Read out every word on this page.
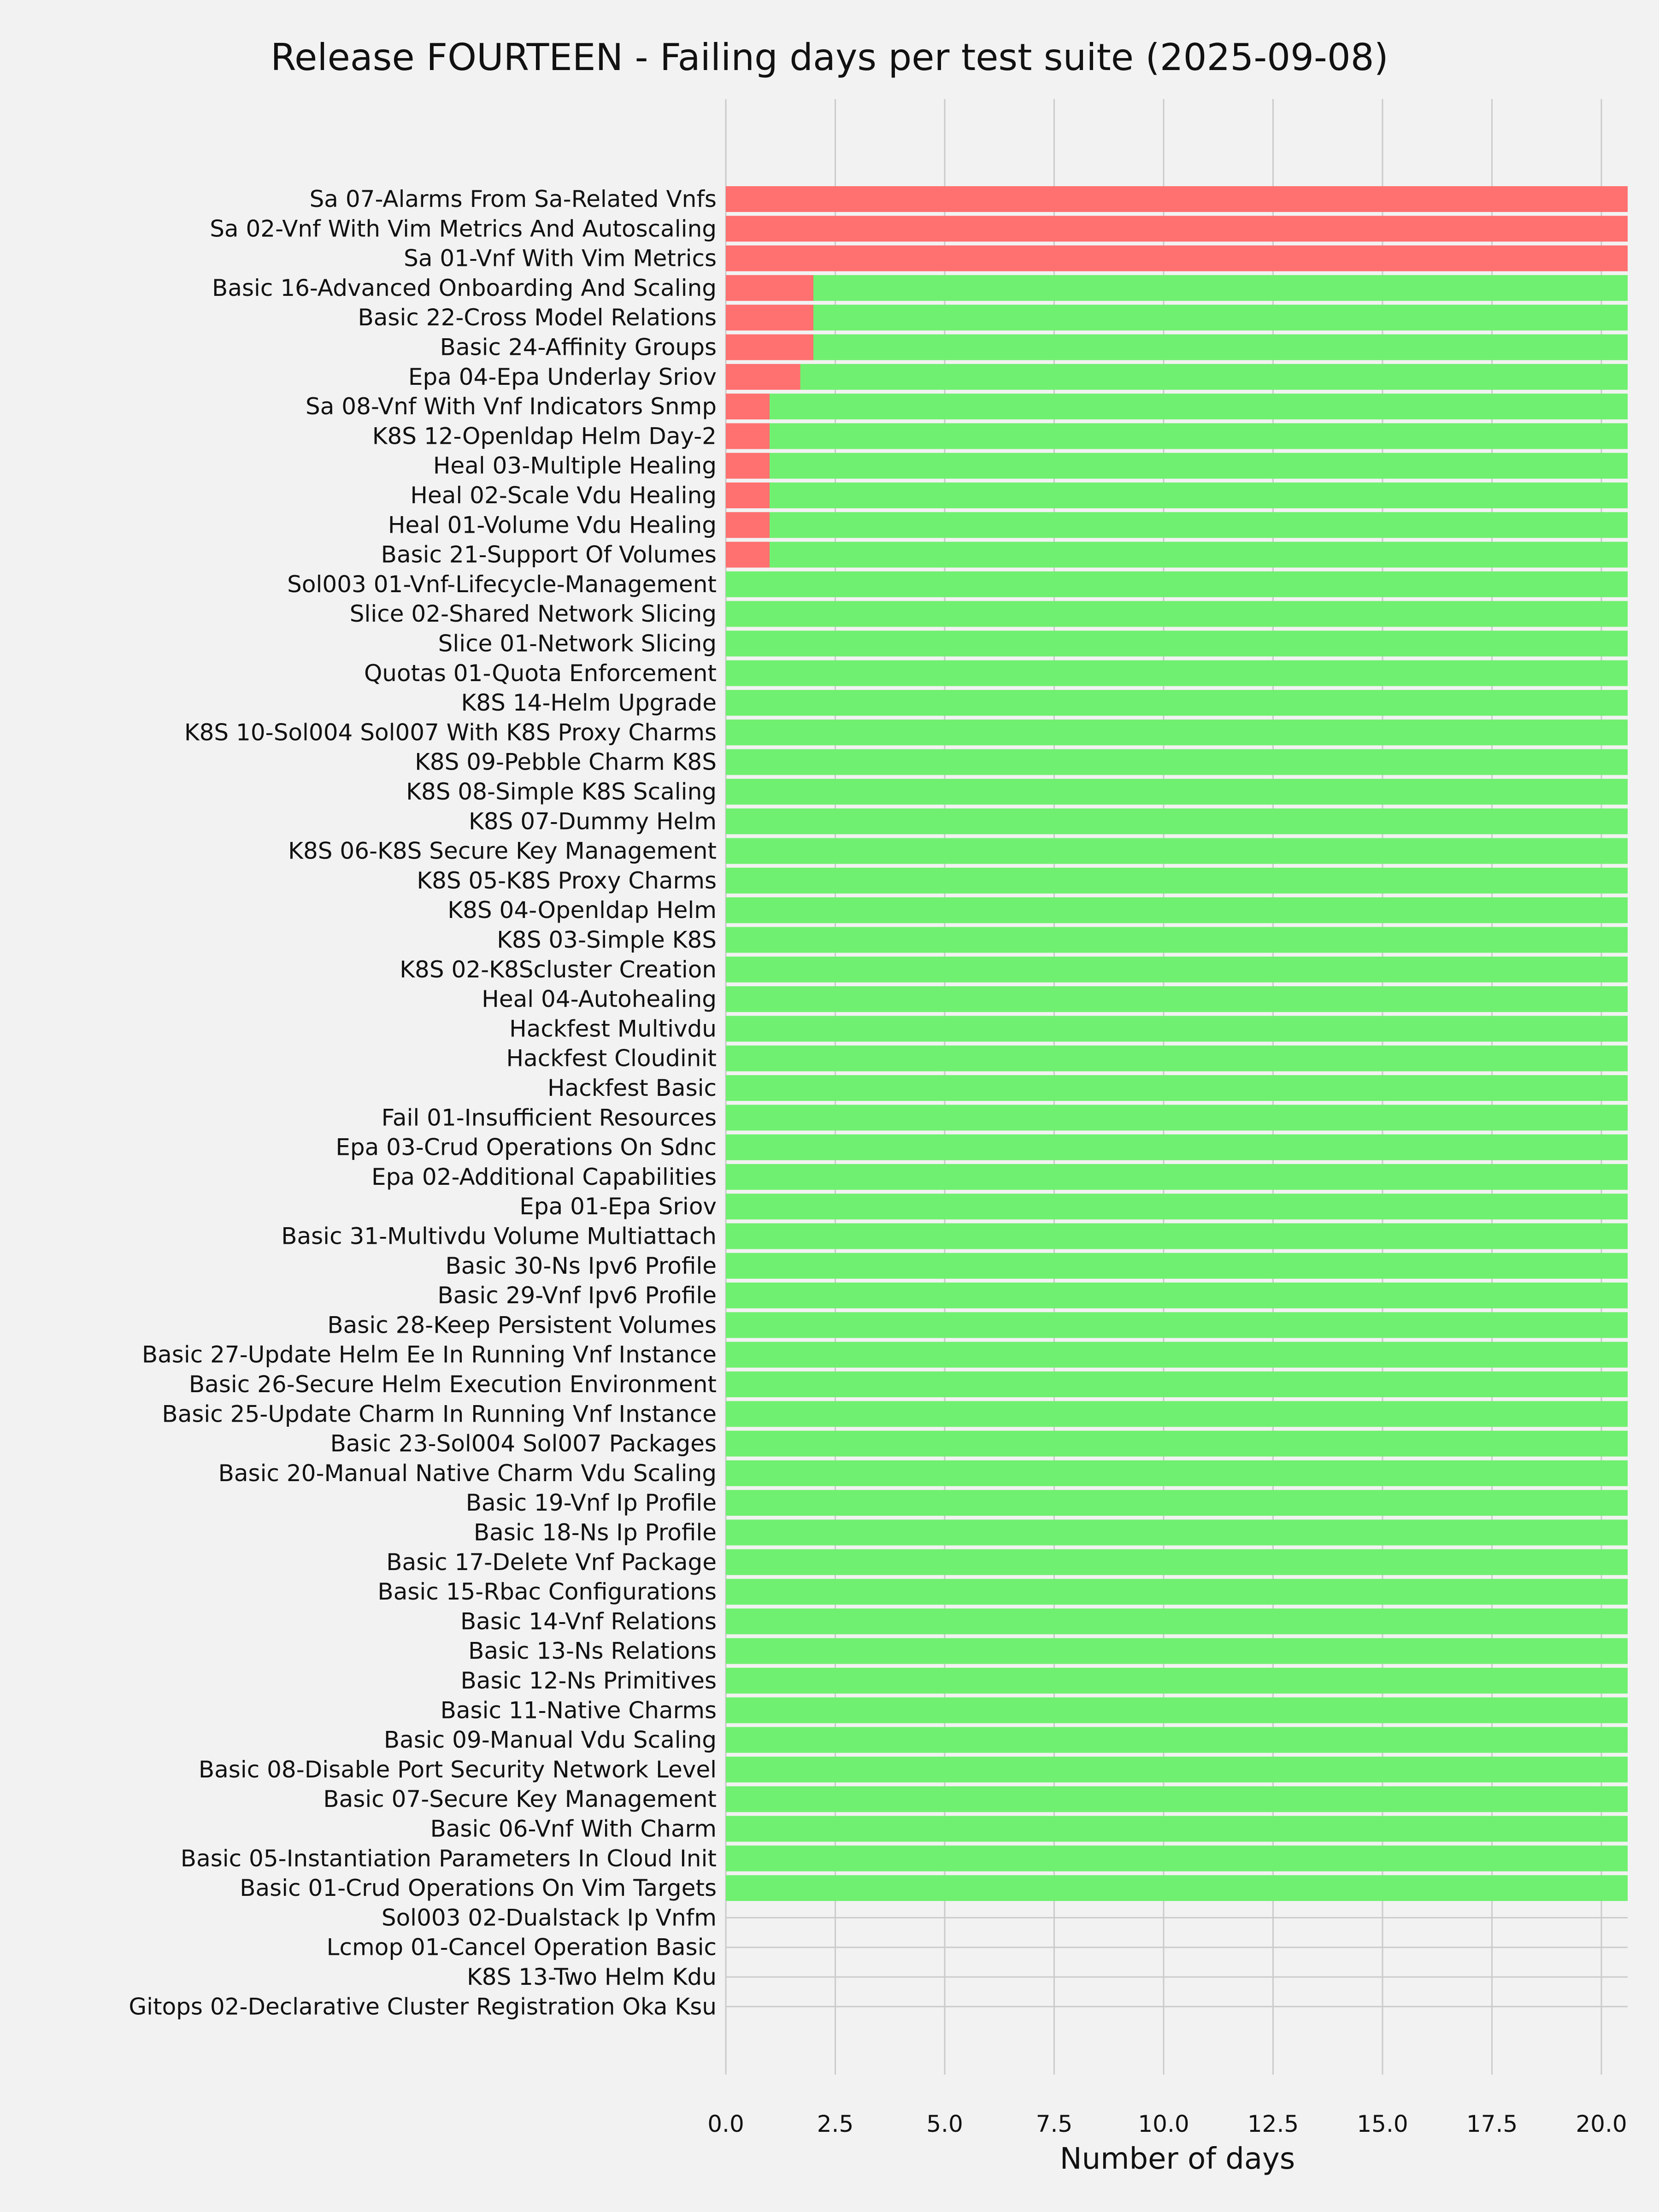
Release FOURTEEN - Failing days per test suite (2025-09-08)
Sa 07-Alarms From Sa-Related Vnfs
Sa 02-Vnf With Vim Metrics And Autoscaling
Sa 01-Vnf With Vim Metrics
Basic 16-Advanced Onboarding And Scaling
Basic 22-Cross Model Relations
Basic 24-Affinity Groups
Epa 04-Epa Underlay Sriov
Sa 08-Vnf With Vnf Indicators Snmp
K8S 12-Openldap Helm Day-2
Heal 03-Multiple Healing
Heal 02-Scale Vdu Healing
Heal 01-Volume Vdu Healing
Basic 21-Support Of Volumes
Sol003 01-Vnf-Lifecycle-Management
Slice 02-Shared Network Slicing
Slice 01-Network Slicing
Quotas 01-Quota Enforcement
K8S 14-Helm Upgrade
K8S 10-Sol004 Sol007 With K8S Proxy Charms
K8S 09-Pebble Charm K8S
K8S 08-Simple K8S Scaling
K8S 07-Dummy Helm
K8S 06-K8S Secure Key Management
K8S 05-K8S Proxy Charms
K8S 04-Openldap Helm
K8S 03-Simple K8S
K8S 02-K8Scluster Creation
Heal 04-Autohealing
Hackfest Multivdu
Hackfest Cloudinit
Hackfest Basic
Fail 01-Insufficient Resources
Epa 03-Crud Operations On Sdnc
Epa 02-Additional Capabilities
Epa 01-Epa Sriov
Basic 31-Multivdu Volume Multiattach
Basic 30-Ns Ipv6 Profile
Basic 29-Vnf Ipv6 Profile
Basic 28-Keep Persistent Volumes
Basic 27-Update Helm Ee In Running Vnf Instance
Basic 26-Secure Helm Execution Environment
Basic 25-Update Charm In Running Vnf Instance
Basic 23-Sol004 Sol007 Packages
Basic 20-Manual Native Charm Vdu Scaling
Basic 19-Vnf Ip Profile
Basic 18-Ns Ip Profile
Basic 17-Delete Vnf Package
Basic 15-Rbac Configurations
Basic 14-Vnf Relations
Basic 13-Ns Relations
Basic 12-Ns Primitives
Basic 11-Native Charms
Basic 09-Manual Vdu Scaling
Basic 08-Disable Port Security Network Level
Basic 07-Secure Key Management
Basic 06-Vnf With Charm
Basic 05-Instantiation Parameters In Cloud Init
Basic 01-Crud Operations On Vim Targets
Sol003 02-Dualstack Ip Vnfm
Lcmop 01-Cancel Operation Basic
K8S 13-Two Helm Kdu
Gitops 02-Declarative Cluster Registration Oka Ksu
0.0	2.5	5.0	7.5	10.0	12.5	15.0	17.5	20.0
Number of days
